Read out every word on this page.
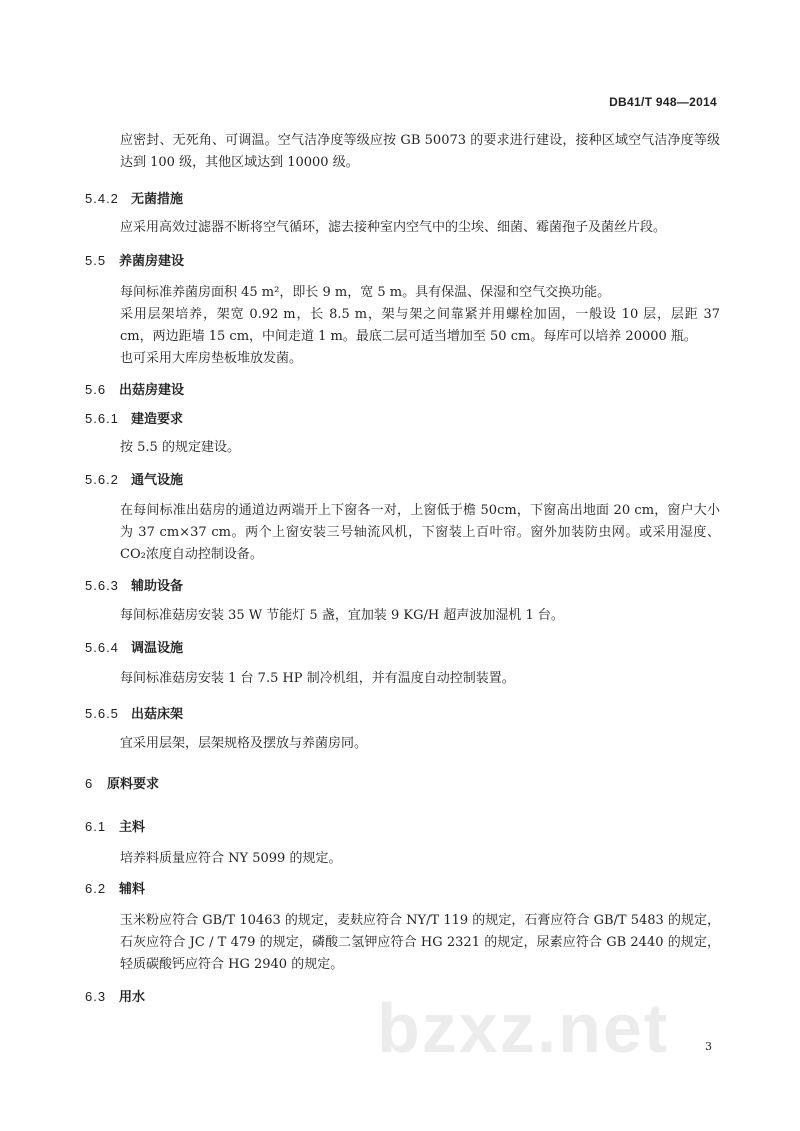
DB41/T 948—2014
应密封、无死角、可调温。空气洁净度等级应按 GB 50073 的要求进行建设，接种区域空气洁净度等级达到 100 级，其他区域达到 10000 级。
5.4.2 无菌措施
应采用高效过滤器不断将空气循环，滤去接种室内空气中的尘埃、细菌、霉菌孢子及菌丝片段。
5.5 养菌房建设
每间标准养菌房面积 45 m²，即长 9 m，宽 5 m。具有保温、保湿和空气交换功能。
采用层架培养，架宽 0.92 m，长 8.5 m，架与架之间靠紧并用螺栓加固，一般设 10 层，层距 37 cm，两边距墙 15 cm，中间走道 1 m。最底二层可适当增加至 50 cm。每库可以培养 20000 瓶。
也可采用大库房垫板堆放发菌。
5.6 出菇房建设
5.6.1 建造要求
按 5.5 的规定建设。
5.6.2 通气设施
在每间标准出菇房的通道边两端开上下窗各一对，上窗低于檐 50cm，下窗高出地面 20 cm，窗户大小为 37 cm×37 cm。两个上窗安装三号轴流风机，下窗装上百叶帘。窗外加装防虫网。或采用湿度、CO₂浓度自动控制设备。
5.6.3 辅助设备
每间标准菇房安装 35 W 节能灯 5 盏，宜加装 9 KG/H 超声波加湿机 1 台。
5.6.4 调温设施
每间标准菇房安装 1 台 7.5 HP 制冷机组，并有温度自动控制装置。
5.6.5 出菇床架
宜采用层架，层架规格及摆放与养菌房同。
6 原料要求
6.1 主料
培养料质量应符合 NY 5099 的规定。
6.2 辅料
玉米粉应符合 GB/T 10463 的规定，麦麸应符合 NY/T 119 的规定，石膏应符合 GB/T 5483 的规定，石灰应符合 JC / T 479 的规定，磷酸二氢钾应符合 HG 2321 的规定，尿素应符合 GB 2440 的规定，轻质碳酸钙应符合 HG 2940 的规定。
6.3 用水	bzxz.net	3
